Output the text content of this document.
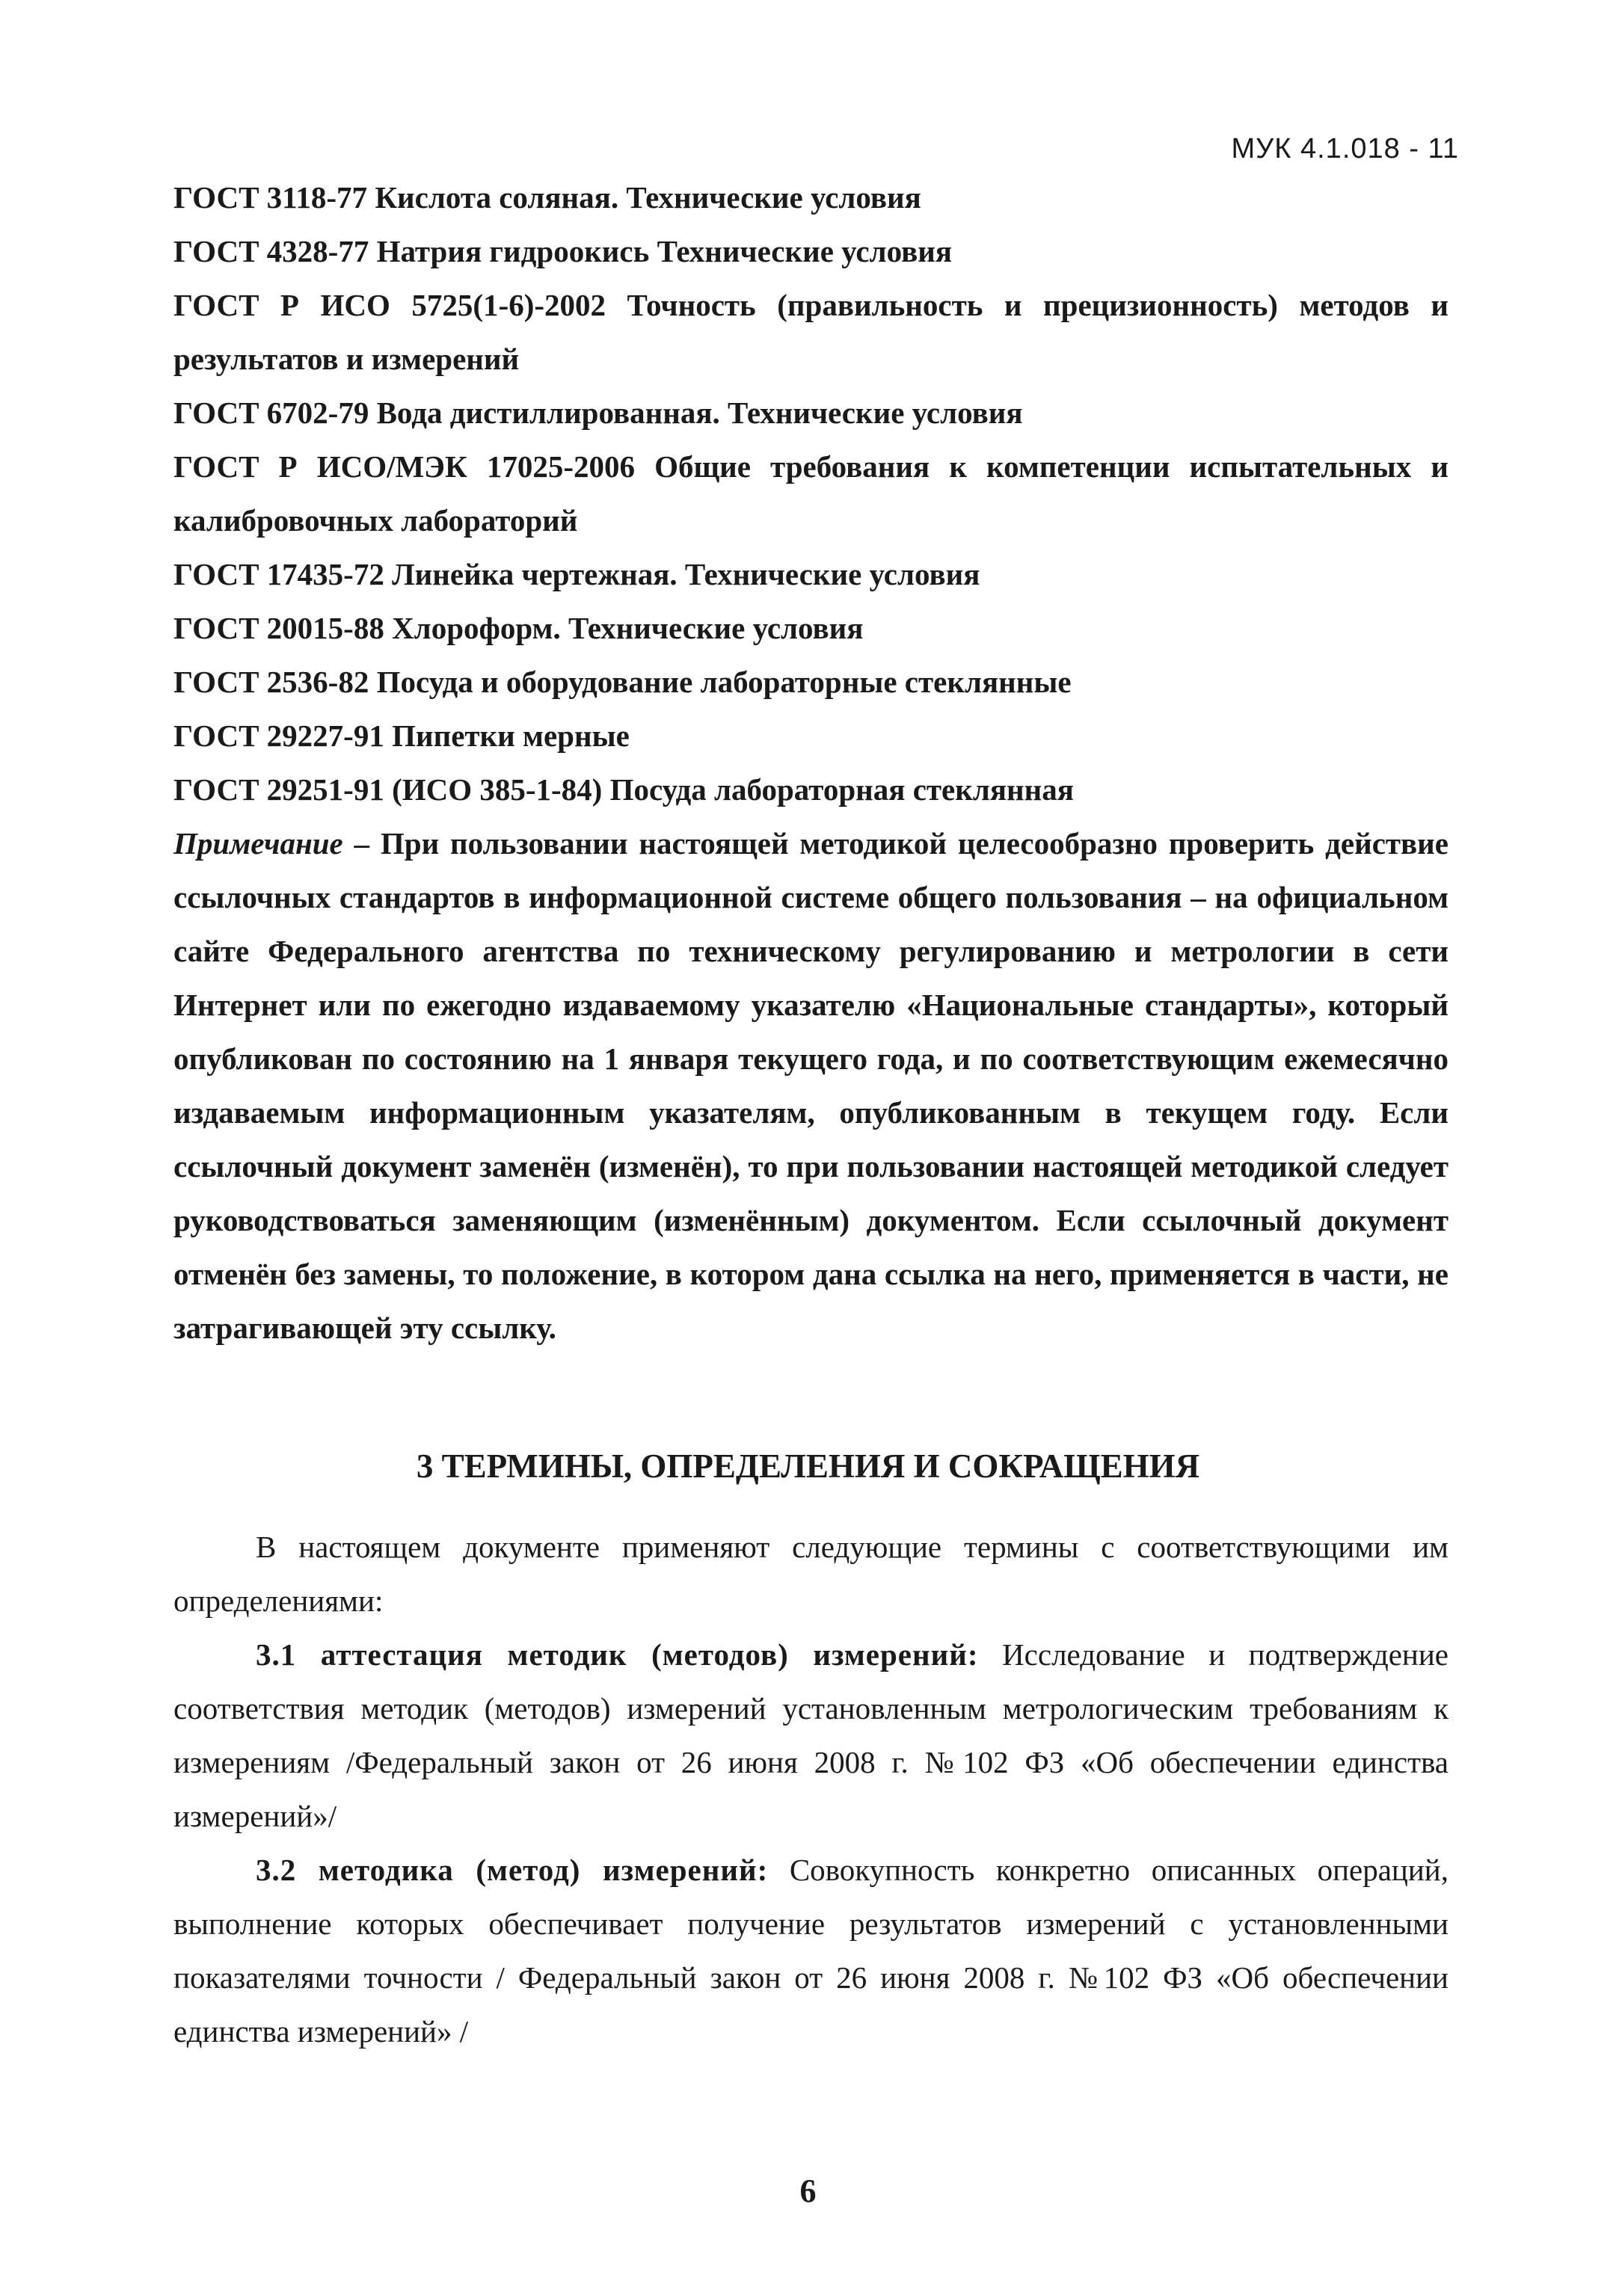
МУК 4.1.018 - 11

ГОСТ 3118-77 Кислота соляная. Технические условия

ГОСТ 4328-77 Натрия гидроокись Технические условия

ГОСТ Р ИСО 5725(1-6)-2002 Точность (правильность и прецизионность) методов и результатов и измерений

ГОСТ 6702-79 Вода дистиллированная. Технические условия

ГОСТ Р ИСО/МЭК 17025-2006 Общие требования к компетенции испытательных и калибровочных лабораторий

ГОСТ 17435-72 Линейка чертежная. Технические условия

ГОСТ 20015-88 Хлороформ. Технические условия

ГОСТ 2536-82 Посуда и оборудование лабораторные стеклянные

ГОСТ 29227-91 Пипетки мерные

ГОСТ 29251-91 (ИСО 385-1-84) Посуда лабораторная стеклянная

Примечание – При пользовании настоящей методикой целесообразно проверить действие ссылочных стандартов в информационной системе общего пользования – на официальном сайте Федерального агентства по техническому регулированию и метрологии в сети Интернет или по ежегодно издаваемому указателю «Национальные стандарты», который опубликован по состоянию на 1 января текущего года, и по соответствующим ежемесячно издаваемым информационным указателям, опубликованным в текущем году. Если ссылочный документ заменён (изменён), то при пользовании настоящей методикой следует руководствоваться заменяющим (изменённым) документом. Если ссылочный документ отменён без замены, то положение, в котором дана ссылка на него, применяется в части, не затрагивающей эту ссылку.

3 ТЕРМИНЫ, ОПРЕДЕЛЕНИЯ И СОКРАЩЕНИЯ

В настоящем документе применяют следующие термины с соответствующими им определениями:

3.1 аттестация методик (методов) измерений: Исследование и подтверждение соответствия методик (методов) измерений установленным метрологическим требованиям к измерениям /Федеральный закон от 26 июня 2008 г. №102 ФЗ «Об обеспечении единства измерений»/

3.2 методика (метод) измерений: Совокупность конкретно описанных операций, выполнение которых обеспечивает получение результатов измерений с установленными показателями точности / Федеральный закон от 26 июня 2008 г. №102 ФЗ «Об обеспечении единства измерений» /

6
